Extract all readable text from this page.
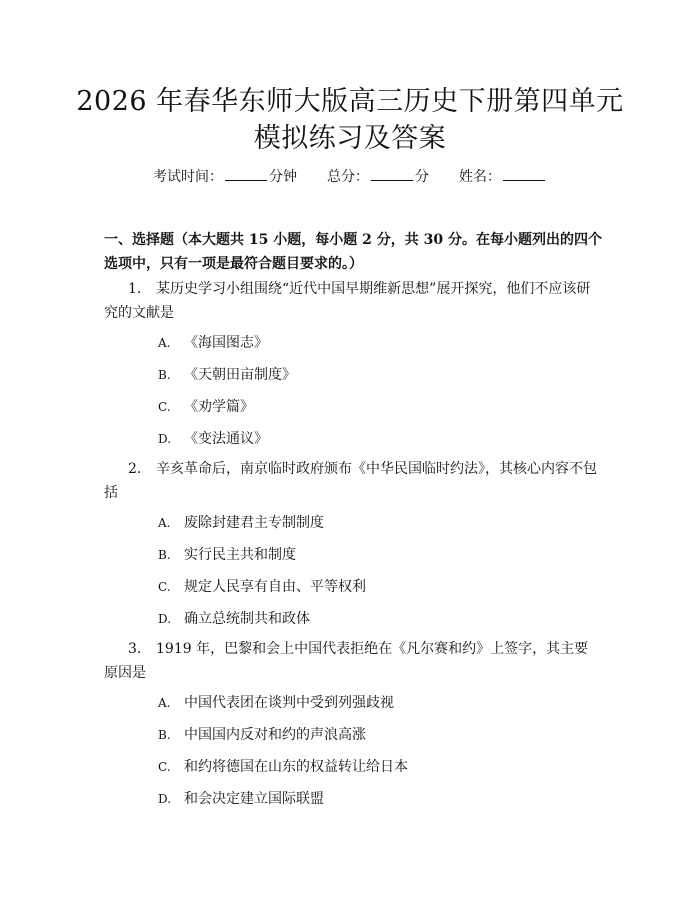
2026 年春华东师大版高三历史下册第四单元
模拟练习及答案
考试时间：	分钟 总分：	分 姓名：
一、选择题（本大题共 15 小题，每小题 2 分，共 30 分。在每小题列出的四个选项中，只有一项是最符合题目要求的。）
1. 某历史学习小组围绕“近代中国早期维新思想”展开探究，他们不应该研究的文献是
A. 《海国图志》
B. 《天朝田亩制度》
C. 《劝学篇》
D. 《变法通议》
2. 辛亥革命后，南京临时政府颁布《中华民国临时约法》，其核心内容不包括
A. 废除封建君主专制制度
B. 实行民主共和制度
C. 规定人民享有自由、平等权利
D. 确立总统制共和政体
3. 1919 年，巴黎和会上中国代表拒绝在《凡尔赛和约》上签字，其主要原因是
A. 中国代表团在谈判中受到列强歧视
B. 中国国内反对和约的声浪高涨
C. 和约将德国在山东的权益转让给日本
D. 和会决定建立国际联盟
